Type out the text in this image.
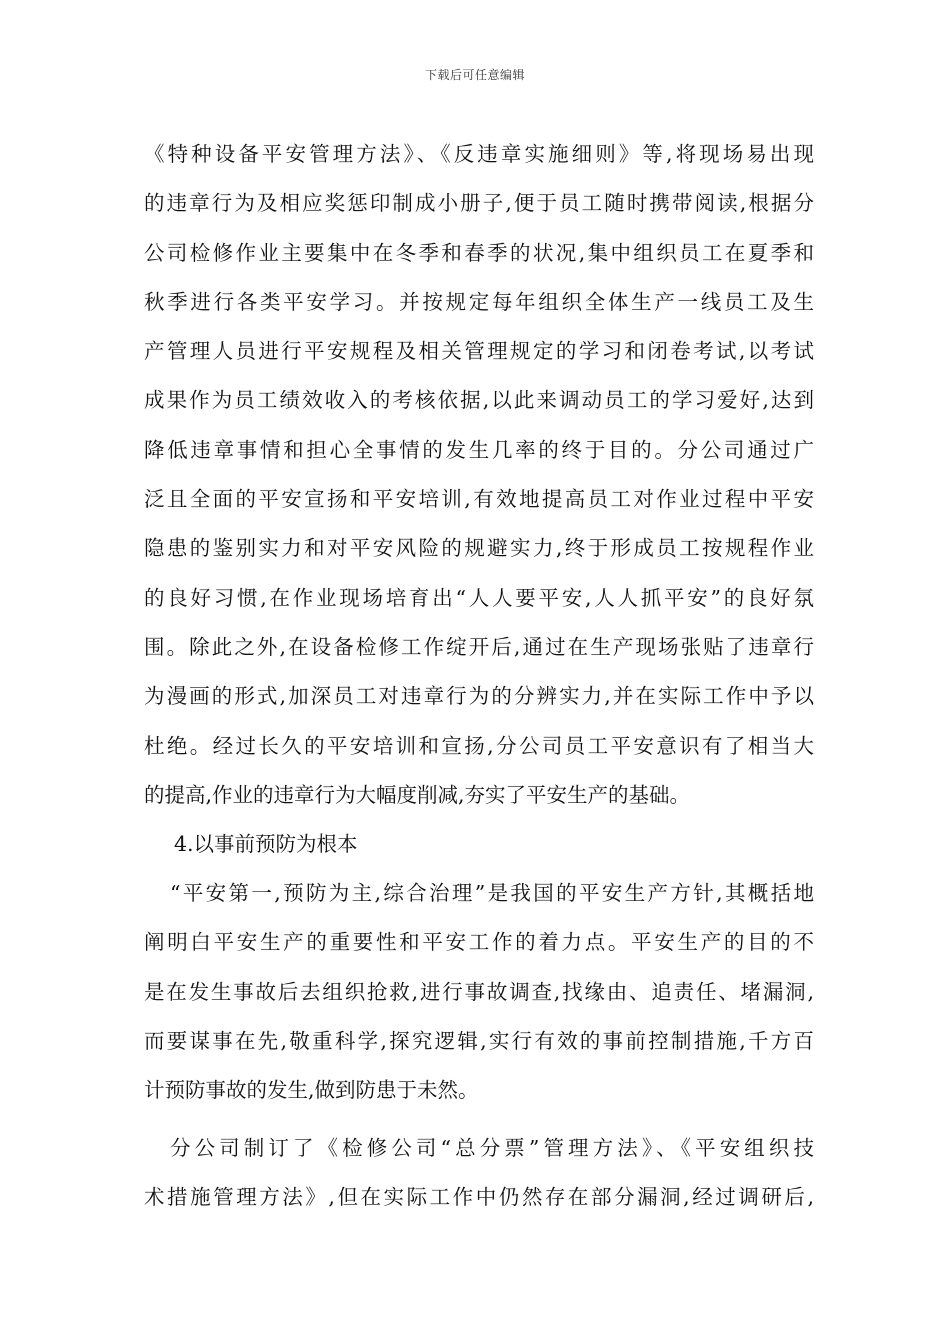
下载后可任意编辑
《特种设备平安管理方法》、《反违章实施细则》等,将现场易出现
的违章行为及相应奖惩印制成小册子,便于员工随时携带阅读,根据分
公司检修作业主要集中在冬季和春季的状况,集中组织员工在夏季和
秋季进行各类平安学习。并按规定每年组织全体生产一线员工及生
产管理人员进行平安规程及相关管理规定的学习和闭卷考试,以考试
成果作为员工绩效收入的考核依据,以此来调动员工的学习爱好,达到
降低违章事情和担心全事情的发生几率的终于目的。分公司通过广
泛且全面的平安宣扬和平安培训,有效地提高员工对作业过程中平安
隐患的鉴别实力和对平安风险的规避实力,终于形成员工按规程作业
的良好习惯,在作业现场培育出“人人要平安,人人抓平安”的良好氛
围。除此之外,在设备检修工作绽开后,通过在生产现场张贴了违章行
为漫画的形式,加深员工对违章行为的分辨实力,并在实际工作中予以
杜绝。经过长久的平安培训和宣扬,分公司员工平安意识有了相当大
的提高,作业的违章行为大幅度削减,夯实了平安生产的基础。
4.以事前预防为根本
“平安第一,预防为主,综合治理”是我国的平安生产方针,其概括地
阐明白平安生产的重要性和平安工作的着力点。平安生产的目的不
是在发生事故后去组织抢救,进行事故调查,找缘由、追责任、堵漏洞,
而要谋事在先,敬重科学,探究逻辑,实行有效的事前控制措施,千方百
计预防事故的发生,做到防患于未然。
分公司制订了《检修公司“总分票”管理方法》、《平安组织技
术措施管理方法》,但在实际工作中仍然存在部分漏洞,经过调研后,
